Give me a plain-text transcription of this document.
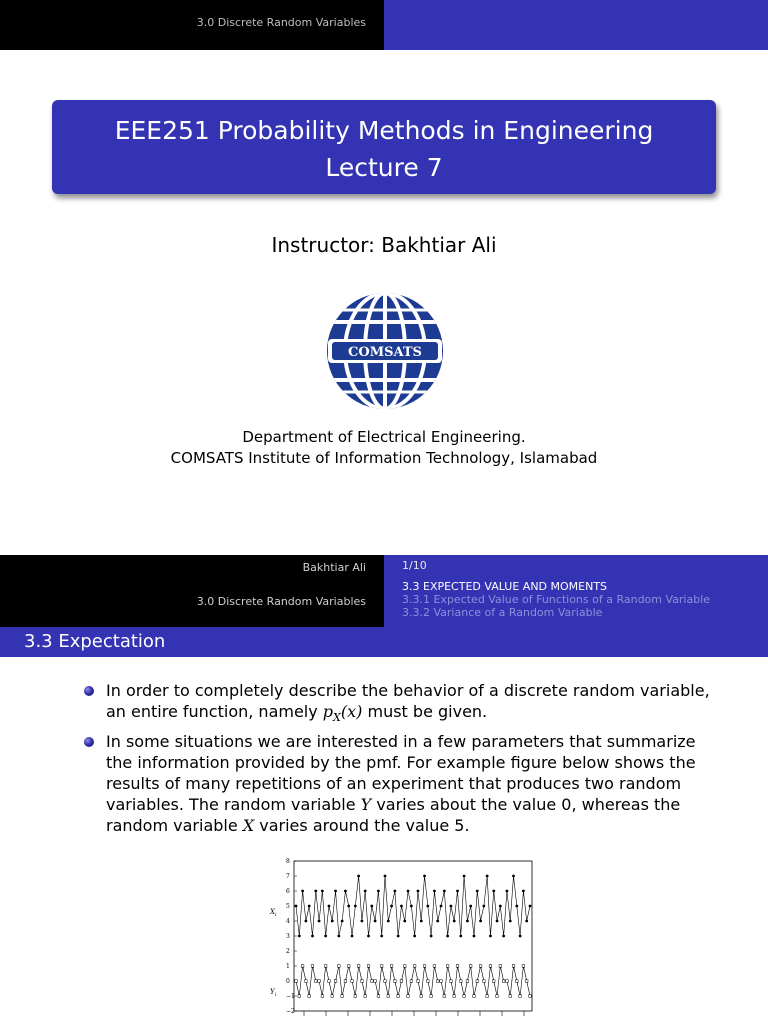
3.0 Discrete Random Variables
EEE251 Probability Methods in Engineering
Lecture 7
Instructor: Bakhtiar Ali
COMSATS
Department of Electrical Engineering.
COMSATS Institute of Information Technology, Islamabad
Bakhtiar Ali
3.0 Discrete Random Variables
1/10
3.3 EXPECTED VALUE AND MOMENTS
3.3.1 Expected Value of Functions of a Random Variable
3.3.2 Variance of a Random Variable
3.3 Expectation
In order to completely describe the behavior of a discrete random variable, an entire function, namely $p_X(x)$ must be given.
In some situations we are interested in a few parameters that summarize the information provided by the pmf. For example figure below shows the results of many repetitions of an experiment that produces two random variables. The random variable Y varies about the value 0, whereas the random variable X varies around the value 5.
8
7
6
5
4
3
2
1
0
−1
−2
$X_i$
$Y_i$
